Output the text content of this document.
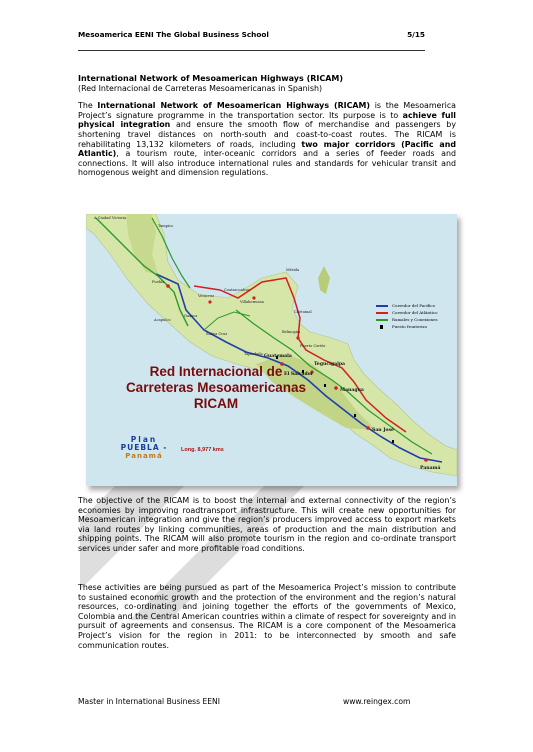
Mesoamerica EENI The Global Business School	5/15
International Network of Mesoamerican Highways (RICAM)
(Red Internacional de Carreteras Mesoamericanas in Spanish)

The International Network of Mesoamerican Highways (RICAM) is the Mesoamerica Project’s signature programme in the transportation sector. Its purpose is to achieve full physical integration and ensure the smooth flow of merchandise and passengers by shortening travel distances on north-south and coast-to-coast routes. The RICAM is rehabilitating 13,132 kilometers of roads, including two major corridors (Pacific and Atlantic), a tourism route, inter-oceanic corridors and a series of feeder roads and connections. It will also introduce international rules and standards for vehicular transit and homogenous weight and dimension regulations.

Red Internacional de
Carreteras Mesoamericanas
RICAM
Long. 8,977 kms
Plan
PUEBLA -
Panamá
Corredor del Pacífico
Corredor del Atlántico
Ramales y Conexiones
Puesto fronterizo
A Ciudad Victoria
Tampico
Puebla
Veracruz
Coatzacoalcos
Villahermosa
Mérida
Chetumal
Belmopán
Guatemala
Tegucigalpa
El Salvador
Managua
San José
Panamá
Oaxaca
Tapachula
Puerto Cortés
Acapulco
Salina Cruz

The objective of the RICAM is to boost the internal and external connectivity of the region’s economies by improving roadtransport infrastructure. This will create new opportunities for Mesoamerican integration and give the region’s producers improved access to export markets via land routes by linking communities, areas of production and the main distribution and shipping points. The RICAM will also promote tourism in the region and co-ordinate transport services under safer and more profitable road conditions.

These activities are being pursued as part of the Mesoamerica Project’s mission to contribute to sustained economic growth and the protection of the environment and the region’s natural resources, co-ordinating and joining together the efforts of the governments of Mexico, Colombia and the Central American countries within a climate of respect for sovereignty and in pursuit of agreements and consensus. The RICAM is a core component of the Mesoamerica Project’s vision for the region in 2011: to be interconnected by smooth and safe communication routes.

Master in International Business EENI	www.reingex.com
